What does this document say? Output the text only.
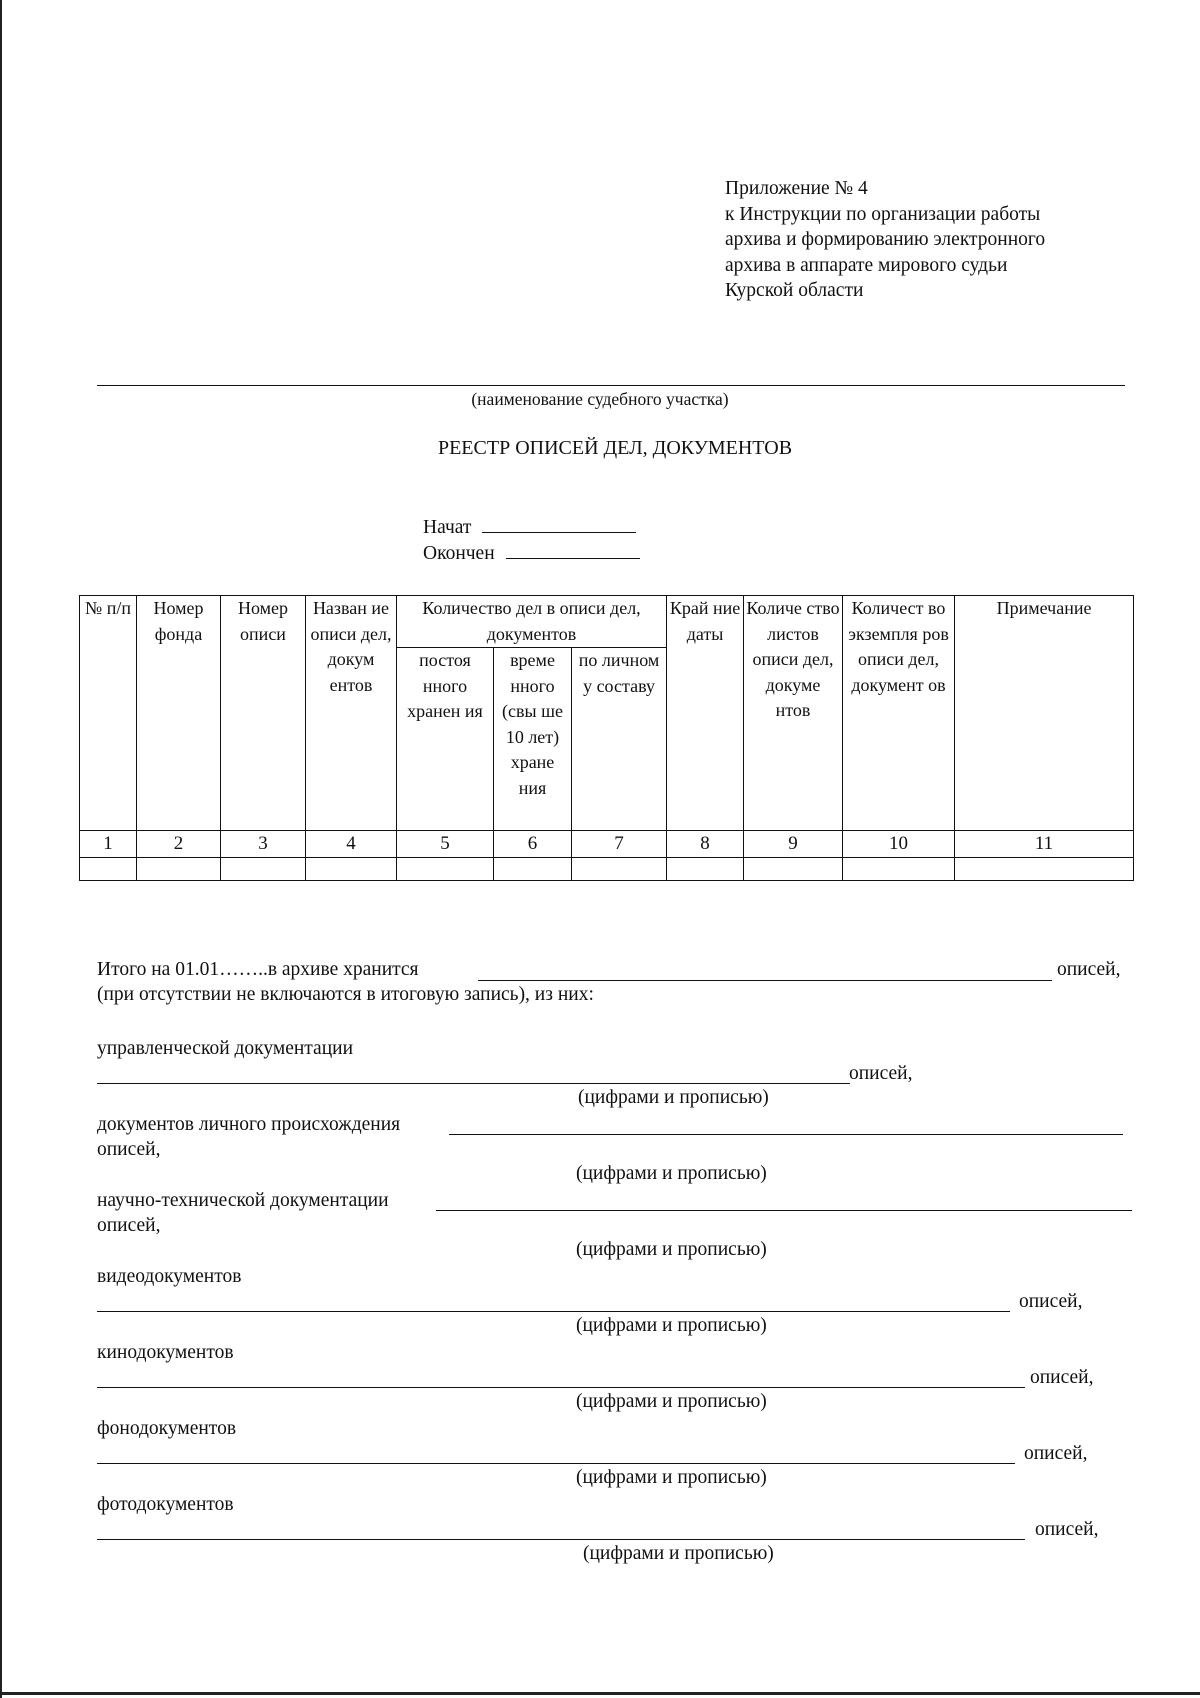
Приложение № 4
к Инструкции по организации работы
архива и формированию электронного
архива в аппарате мирового судьи
Курской области
(наименование судебного участка)
РЕЕСТР ОПИСЕЙ ДЕЛ, ДОКУМЕНТОВ
Начат
Окончен
№ п/п	Номер фонда	Номер описи	Назван ие описи дел, докум ентов	Количество дел в описи дел, документов			Край ние даты	Количе ство листов описи дел, докуме нтов	Количест во экземпля ров описи дел, документ ов	Примечание
				постоя нного хранен ия	време нного (свы ше 10 лет) хране ния	по личном у составу				
1	2	3	4	5	6	7	8	9	10	11

Итого на 01.01……..в архиве хранится	описей,
(при отсутствии не включаются в итоговую запись), из них:
управленческой документации
описей,
(цифрами и прописью)
документов личного происхождения
описей,
(цифрами и прописью)
научно-технической документации
описей,
(цифрами и прописью)
видеодокументов
описей,
(цифрами и прописью)
кинодокументов
описей,
(цифрами и прописью)
фонодокументов
описей,
(цифрами и прописью)
фотодокументов
описей,
(цифрами и прописью)
